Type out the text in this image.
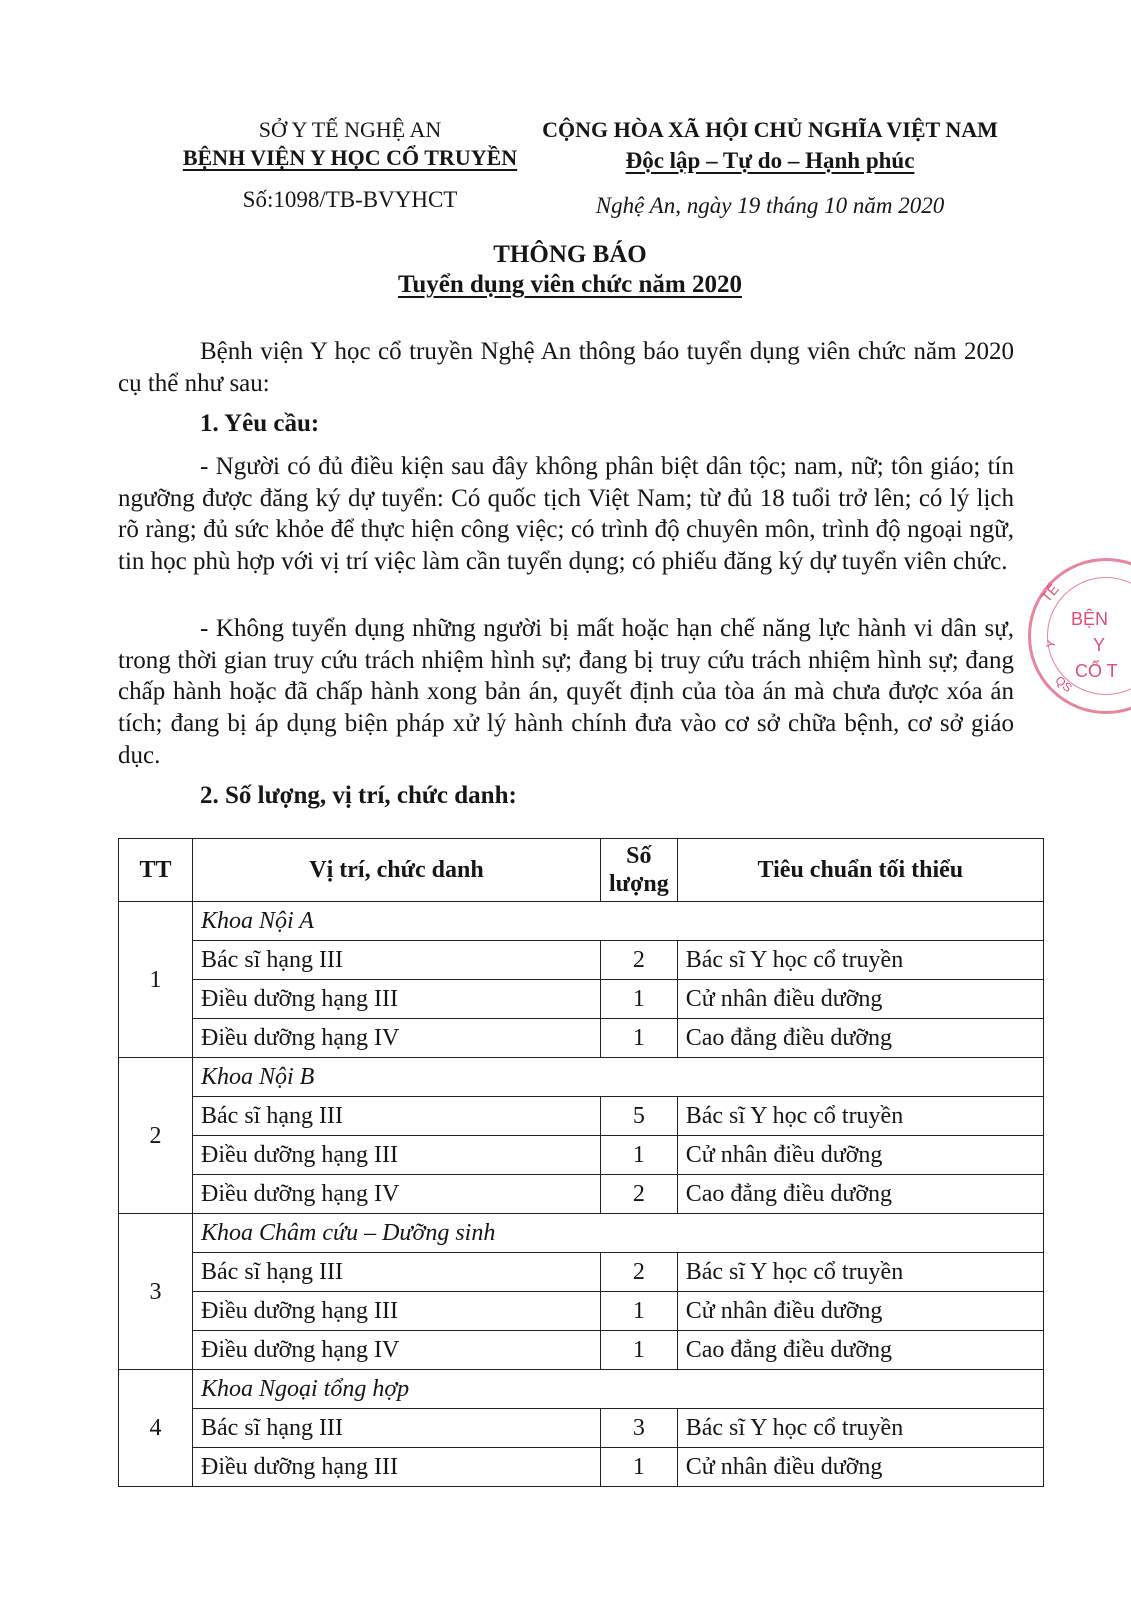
SỞ Y TẾ NGHỆ AN
BỆNH VIỆN Y HỌC CỔ TRUYỀN
Số:1098/TB-BVYHCT
CỘNG HÒA XÃ HỘI CHỦ NGHĨA VIỆT NAM
Độc lập – Tự do – Hạnh phúc
Nghệ An, ngày 19 tháng 10 năm 2020
THÔNG BÁO
Tuyển dụng viên chức năm 2020
Bệnh viện Y học cổ truyền Nghệ An thông báo tuyển dụng viên chức năm 2020 cụ thể như sau:
1. Yêu cầu:
- Người có đủ điều kiện sau đây không phân biệt dân tộc; nam, nữ; tôn giáo; tín ngưỡng được đăng ký dự tuyển: Có quốc tịch Việt Nam; từ đủ 18 tuổi trở lên; có lý lịch rõ ràng; đủ sức khỏe để thực hiện công việc; có trình độ chuyên môn, trình độ ngoại ngữ, tin học phù hợp với vị trí việc làm cần tuyển dụng; có phiếu đăng ký dự tuyển viên chức.
- Không tuyển dụng những người bị mất hoặc hạn chế năng lực hành vi dân sự, trong thời gian truy cứu trách nhiệm hình sự; đang bị truy cứu trách nhiệm hình sự; đang chấp hành hoặc đã chấp hành xong bản án, quyết định của tòa án mà chưa được xóa án tích; đang bị áp dụng biện pháp xử lý hành chính đưa vào cơ sở chữa bệnh, cơ sở giáo dục.
2. Số lượng, vị trí, chức danh:
TT	Vị trí, chức danh	Số
lượng	Tiêu chuẩn tối thiểu
1	Khoa Nội A		
	Bác sĩ hạng III	2	Bác sĩ Y học cổ truyền
	Điều dưỡng hạng III	1	Cử nhân điều dưỡng
	Điều dưỡng hạng IV	1	Cao đẳng điều dưỡng
2	Khoa Nội B		
	Bác sĩ hạng III	5	Bác sĩ Y học cổ truyền
	Điều dưỡng hạng III	1	Cử nhân điều dưỡng
	Điều dưỡng hạng IV	2	Cao đẳng điều dưỡng
3	Khoa Châm cứu – Dưỡng sinh		
	Bác sĩ hạng III	2	Bác sĩ Y học cổ truyền
	Điều dưỡng hạng III	1	Cử nhân điều dưỡng
	Điều dưỡng hạng IV	1	Cao đẳng điều dưỡng
4	Khoa Ngoại tổng hợp		
	Bác sĩ hạng III	3	Bác sĩ Y học cổ truyền
	Điều dưỡng hạng III	1	Cử nhân điều dưỡng
TẾ
BỆN
Y
CỔ T
Y
QS
